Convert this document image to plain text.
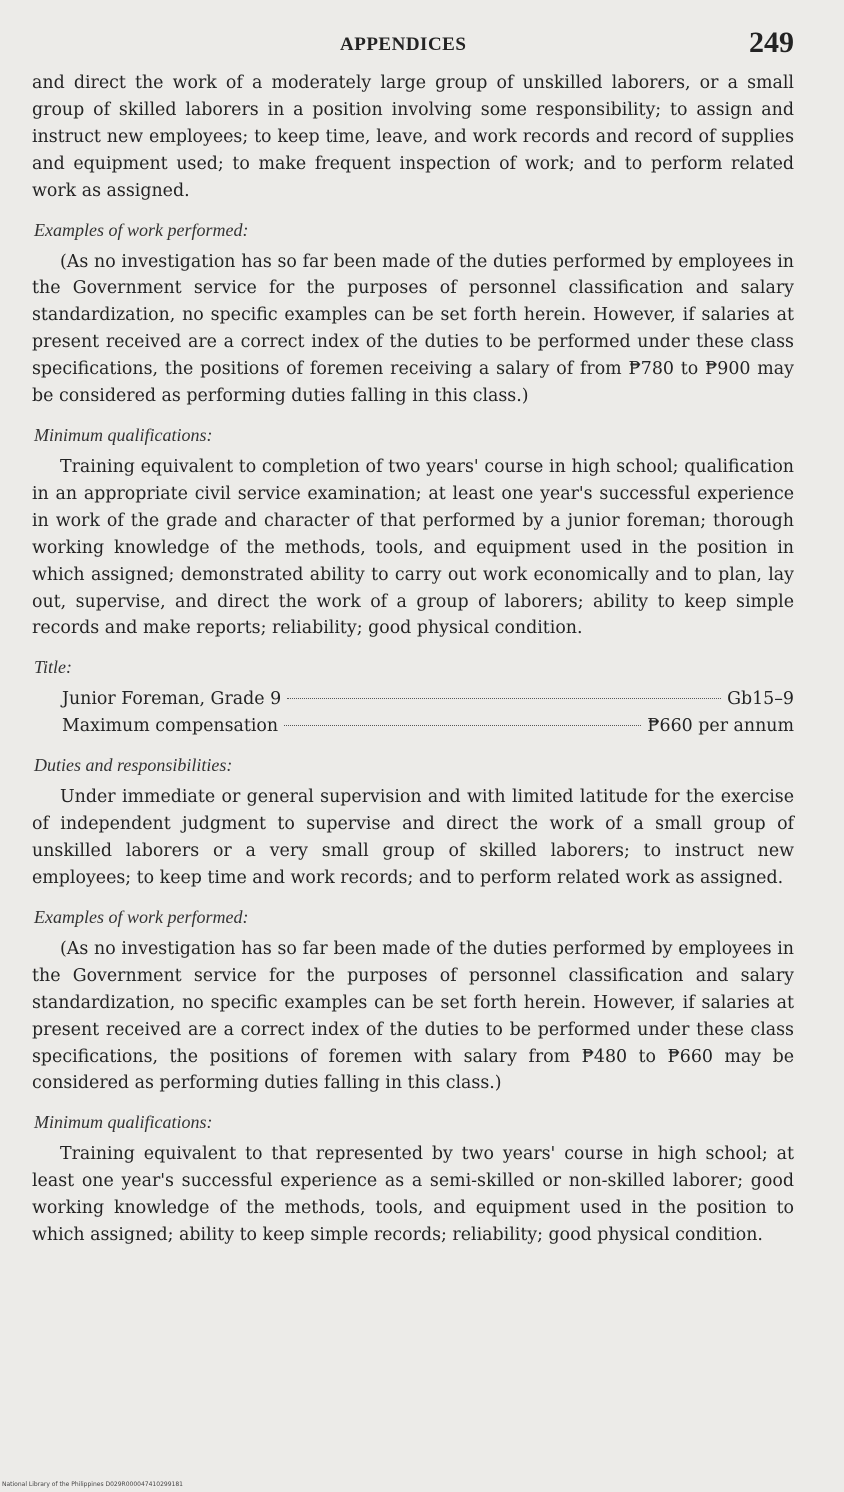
APPENDICES	249

and direct the work of a moderately large group of unskilled laborers, or a small group of skilled laborers in a position involving some responsibility; to assign and instruct new employees; to keep time, leave, and work records and record of supplies and equipment used; to make frequent inspection of work; and to perform related work as assigned.

Examples of work performed:

(As no investigation has so far been made of the duties performed by employees in the Government service for the purposes of personnel classification and salary standardization, no specific examples can be set forth herein. However, if salaries at present received are a correct index of the duties to be performed under these class specifications, the positions of foremen receiving a salary of from ₱780 to ₱900 may be considered as performing duties falling in this class.)

Minimum qualifications:

Training equivalent to completion of two years' course in high school; qualification in an appropriate civil service examination; at least one year's successful experience in work of the grade and character of that performed by a junior foreman; thorough working knowledge of the methods, tools, and equipment used in the position in which assigned; demonstrated ability to carry out work economically and to plan, lay out, supervise, and direct the work of a group of laborers; ability to keep simple records and make reports; reliability; good physical condition.

Title:
Junior Foreman, Grade 9	Gb15–9
Maximum compensation	₱660 per annum
Duties and responsibilities:

Under immediate or general supervision and with limited latitude for the exercise of independent judgment to supervise and direct the work of a small group of unskilled laborers or a very small group of skilled laborers; to instruct new employees; to keep time and work records; and to perform related work as assigned.

Examples of work performed:

(As no investigation has so far been made of the duties performed by employees in the Government service for the purposes of personnel classification and salary standardization, no specific examples can be set forth herein. However, if salaries at present received are a correct index of the duties to be performed under these class specifications, the positions of foremen with salary from ₱480 to ₱660 may be considered as performing duties falling in this class.)

Minimum qualifications:

Training equivalent to that represented by two years' course in high school; at least one year's successful experience as a semi-skilled or non-skilled laborer; good working knowledge of the methods, tools, and equipment used in the position to which assigned; ability to keep simple records; reliability; good physical condition.

National Library of the Philippines D029R000047410299181
